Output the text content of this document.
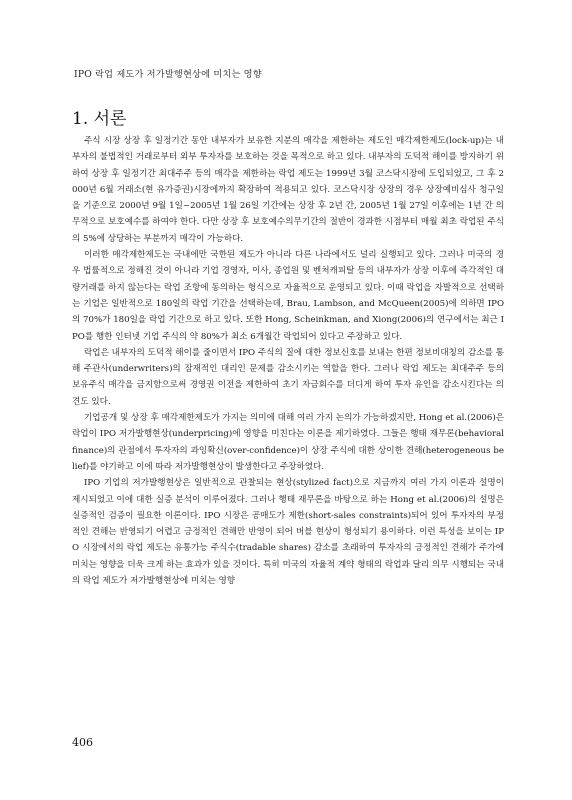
IPO 락업 제도가 저가발행현상에 미치는 영향
1. 서론

주식 시장 상장 후 일정기간 동안 내부자가 보유한 지분의 매각을 제한하는 제도인 매각제한제도(lock-up)는 내부자의 불법적인 거래로부터 외부 투자자를 보호하는 것을 목적으로 하고 있다. 내부자의 도덕적 해이를 방지하기 위하여 상장 후 일정기간 최대주주 등의 매각을 제한하는 락업 제도는 1999년 3월 코스닥시장에 도입되었고, 그 후 2000년 6월 거래소(현 유가증권)시장에까지 확장하여 적용되고 있다. 코스닥시장 상장의 경우 상장예비심사 청구일을 기준으로 2000년 9월 1일~2005년 1월 26일 기간에는 상장 후 2년 간, 2005년 1월 27일 이후에는 1년 간 의무적으로 보호예수를 하여야 한다. 다만 상장 후 보호예수의무기간의 절반이 경과한 시점부터 매월 최초 락업된 주식의 5%에 상당하는 부분까지 매각이 가능하다.

이러한 매각제한제도는 국내에만 국한된 제도가 아니라 다른 나라에서도 널리 실행되고 있다. 그러나 미국의 경우 법률적으로 정해진 것이 아니라 기업 경영자, 이사, 종업원 및 벤처캐피탈 등의 내부자가 상장 이후에 즉각적인 대량거래를 하지 않는다는 락업 조항에 동의하는 형식으로 자율적으로 운영되고 있다. 이때 락업을 자발적으로 선택하는 기업은 일반적으로 180일의 락업 기간을 선택하는데, Brau, Lambson, and McQueen(2005)에 의하면 IPO의 70%가 180일을 락업 기간으로 하고 있다. 또한 Hong, Scheinkman, and Xiong(2006)의 연구에서는 최근 IPO를 행한 인터넷 기업 주식의 약 80%가 최소 6개월간 락업되어 있다고 주장하고 있다.

락업은 내부자의 도덕적 해이를 줄이면서 IPO 주식의 질에 대한 정보신호를 보내는 한편 정보비대칭의 감소를 통해 주관사(underwriters)의 잠재적인 대리인 문제를 감소시키는 역할을 한다. 그러나 락업 제도는 최대주주 등의 보유주식 매각을 금지함으로써 경영권 이전을 제한하여 초기 자금회수를 더디게 하여 투자 유인을 감소시킨다는 의견도 있다.

기업공개 및 상장 후 매각제한제도가 가지는 의미에 대해 여러 가지 논의가 가능하겠지만, Hong et al.(2006)은 락업이 IPO 저가발행현상(underpricing)에 영향을 미친다는 이론을 제기하였다. 그들은 행태 재무론(behavioral finance)의 관점에서 투자자의 과잉확신(over-confidence)이 상장 주식에 대한 상이한 견해(heterogeneous belief)를 야기하고 이에 따라 저가발행현상이 발생한다고 주장하였다.

IPO 기업의 저가발행현상은 일반적으로 관찰되는 현상(stylized fact)으로 지금까지 여러 가지 이론과 설명이 제시되었고 이에 대한 실증 분석이 이루어졌다. 그러나 행태 재무론을 바탕으로 하는 Hong et al.(2006)의 설명은 실증적인 검증이 필요한 이론이다. IPO 시장은 공매도가 제한(short-sales constraints)되어 있어 투자자의 부정적인 견해는 반영되기 어렵고 긍정적인 견해만 반영이 되어 버블 현상이 형성되기 용이하다. 이런 특성을 보이는 IPO 시장에서의 락업 제도는 유통가능 주식수(tradable shares) 감소를 초래하여 투자자의 긍정적인 견해가 주가에 미치는 영향을 더욱 크게 하는 효과가 있을 것이다. 특히 미국의 자율적 계약 형태의 락업과 달리 의무 시행되는 국내의 락업 제도가 저가발행현상에 미치는 영향

406
